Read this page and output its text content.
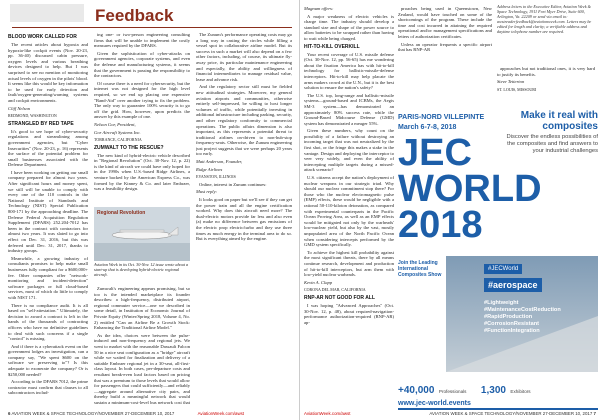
Feedback
BLOOD WORK CALLED FOR

The recent articles about hypoxia and hypoxia-like cockpit events (Nov. 20-23, pp. 36-40) discussed cabin pressure, oxygen levels and various breathing devices designed to help. But I was surprised to see no mention of monitoring actual levels of oxygen in the pilots' blood. It seems like this would be key information to be used for early detection and fault/oxygen-generating/warning systems and cockpit environments.

Cliff Nelson

REDMOND, WASHINGTON

STRANGLED BY RED TAPE

It's good to see hope of cyber-security regulations and streamlining among government agencies, but "Cyber Insecurities" (Nov. 20-23, p. 16) represents the surface of the potential problem for small businesses associated with the Defense Department.

I have been working on getting our small company prepared for almost two years. After significant hours and money spent, we still will be unable to comply with every one of the 110 controls in the National Institute of Standards and Technology (NIST) Special Publication 800-171 by the approaching deadline. The Defense Federal Acquisition Regulation Supplement (DFARS) 252.204-7012 has been in the contract with contractors for almost two years. It was slated to go into effect on Dec. 31, 2016, but this was deferred until Dec. 31, 2017, thanks to industry groups.

Meanwhile, a growing industry of consultants promises to help make small businesses fully compliant for a $600,000+ fee. Other companies offer "network-monitoring and incident-detection" software packages or full cloud-based services, most of which do little to comply with NIST 171.

There is no compliance audit. It is all based on "self-attestation." Ultimately, the decision to award a contract is left in the hands of the thousands of contracting officers who have no definitive guidelines to deal with such concerns if a single "control" is missing.

And if there is a cyberattack event on the government lodges an investigation, can a company say, "We spent $600 on the software we preserving to"? Is this adequate to exonerate the company? Or is $250,000 needed?

According to the DFARS 7012, the prime contractor must confirm that clauses to all subcontractors includ-

ing one- or two-person engineering consulting firms that will be unable to implement the costly measures required by the DFARS.

Given the sophistication of cyber-attacks on government agencies, corporate systems, and even the defense and manufacturing systems, it seems that the government is passing the responsibility to the contractors.

Of course there is a need for cybersecurity, but the internet was not designed for the high level required, so we end up placing one expensive "Band-Aid" over another trying to fix the problem. The only way to guarantee 100% security is to go off the grid. How, however, upon predicts the answer by this example of one.

Nelson Gor, President,

Gor Aircraft Systems Inc.

TORRANCE, CALIFORNIA

ZUMWALT TO THE RESCUE?

The new kind of hybrid-electric vehicle described in "Regional Revolution" (Oct. 30-Nov. 12, p. 22) is the kind of aircraft we could have only hoped for in the 1990s when U.S.-based Ridge Airlines, a venture backed by the American Express Co., was formed by the Kinney & Co. and later Embraer, was a feasibility design.

Regional Revolution
Aviation Week in its Oct. 30-Nov. 12 issue wrote about a start-up that is developing hybrid-electric regional aircraft.

Zumwalt's engineering appears promising, but so too is the intended marketplace its founder describes: a high-frequency, distributed airport, regional commuter service—one we described in some detail, in Institution of Economic Journal of Private Equity (Winter/Spring 2018, Volume 4, No. 2) entitled "Can an Airline Be a Growth Stock: Enhancing the Traditional Airline Model."

As the idea, choices were between the pulse-induced and non-frequency and regional jets. We went to market with the reasonable Dassault Falcon 50 in a nice seat configuration as a "bridge" aircraft while we waited for finalization and delivery of a suitable Embraer regional jet in a 30-seat, all-first-class layout. In both cases, per-departure costs and resultant break-even load factors based on pricing that was a premium to those levels that would allow for passengers that could sufficiently—and reliably—aggregate around alternative city pairs, and thereby build a meaningful network that would sustain a minimum-cost-level bus network cost that

The Zunum's performance operating costs may go a long way in casting the circles while filling a vessel spot in collaborative airline model. But its success in such a market will also depend on a few other factors, including, of course, its ultimate fly-away price, its particular maintenance engineering and especially, the ability and willingness of financial intermediaries to manage residual value, lease and advance risk.

And the regulatory sector still must be fielded new attitudinal strategies. Moreover, my general aviation airports and communities, otherwise entirely self-impressed, be willing to host longer volumes of traffic, while potentially investing in additional infrastructure including parking, security, and other regulatory conformity to commercial operations. The public affairs dimension is also important, as this represents a potential threat to traditional airlines on-driven to non-hub-stop frequency-seats. Otherwise, the Zunum engineering just project suggests that we were perhaps 20 years too early.

Matt Anderson, Founder,

Ridge Airlines

EVANSTON, ILLINOIS

Online, interest in Zunum continues:

Must reply:

It looks good on paper but we'll see if they can get the power train and all the engine certification worked. Why does this aircraft need more? The dual-electric motors provide far less and also even (a) make no difference between gas emissions of the electric prop electric/turbo and they use three times as much energy in the terminal area to do so. But is everything aimed by the engine.

6 AVIATION WEEK & SPACE TECHNOLOGY/NOVEMBER 27-DECEMBER 10, 2017	AviationWeek.com/awst

Magnum offers:

A major weakness of electric vehicles is charge time. The industry should develop a standard size and shape of the power source to allow batteries to be swapped rather than having to wait while being charged.

HIT-TO-KILL OVERKILL

Your recent coverage of U.S. missile defense (Oct. 30-Nov. 12, pp. 56-65) has me wondering about the fixation America has with hit-to-kill technology for ballistic-missile-defense interceptors. Hit-to-kill may help placate the arms makers crowd at the U.N., but it is the best solution to ensure the nation's safety?

The U.S. top, long-range and ballistic-missile systems—ground-based and ICBMs, the Aegis SM-3 system—has demonstrated an approximately 80% success rate, while the Ground-Based Midcourse Defense (GMD) system has demonstrated a meager 55%.

Given these numbers, why count on the possibility of a failure without destroying an incoming target that was not neutralized by the first shot, or the fringe this makes a stake in the vantage. Design and deploying the interceptor to veer very widely, and even the ability of intercepting multiple targets during a missed-attack scenario?

U.S. citizens accept the nation's deployment of nuclear weapons in our strategic triad. Why should our nuclear commitment stop there? For those who the nuclear electromagnetic pulse (EMP) effects, these would be negligible with a rational 50-110-kiloton detonation, as compared with experimental counterparts in the Pacific Ocean Proving Area, as well as an EMP effects would be mitigated not only by the warheads' low-nuclear yield, but also by the vast, mostly unpopulated area of the North Pacific Ocean when considering intercepts performed by the GMD system specifically.

To achieve the highest kill probability against the most significant threats, there by all means continue research, development and production of hit-to-kill interceptors, but arm them with low-yield nuclear warheads.

Kevin A. Clapp

CORONA DEL MAR, CALIFORNIA

RNP-AR NOT GOOD FOR ALL

I was hoping "Advanced Approaches" (Oct. 30-Nov. 12, p. 48), about required-navigation-performance authorization-required (RNP-AR) ap-

proaches being used in Queenstown, New Zealand, would have touched on some of the shortcomings of the program. These include the time and cost incurred in attaining the required operational and/or management specifications and letters of authorization certificates.

Unless an operator frequents a specific airport that has RNP-AR

approaches but not traditional ones, it is very hard to justify its benefits.

Steve Tetterton

ST. LOUIS, MISSOURI

AviationWeek.com/awst	AVIATION WEEK & SPACE TECHNOLOGY/NOVEMBER 27-DECEMBER 10, 2017 7
Address letters to the Executive Editor, Aviation Week & Space Technology, 1911 Fort Myer Drive, Suite 600, Arlington, Va. 22209 or send via email to: awstreaderfeedback@aviationweek.com. Letters may be edited for length and clarity; a verifiable address and daytime telephone number are required.
PARIS-NORD VILLEPINTE
March 6-7-8, 2018
JEC
WORLD
2018
Make it real with composites
Discover the endless possibilities of the composites and find answers to your industrial challenges
Join the Leading International Composites Show
#JECWorld
#aerospace
#Lightweight
#MaintenanceCostReduction
#RapidProduction
#CorrosionResistant
#FunctionIntegration
+40,000 Professionals 1,300 Exhibitors
www.jec-world.events
